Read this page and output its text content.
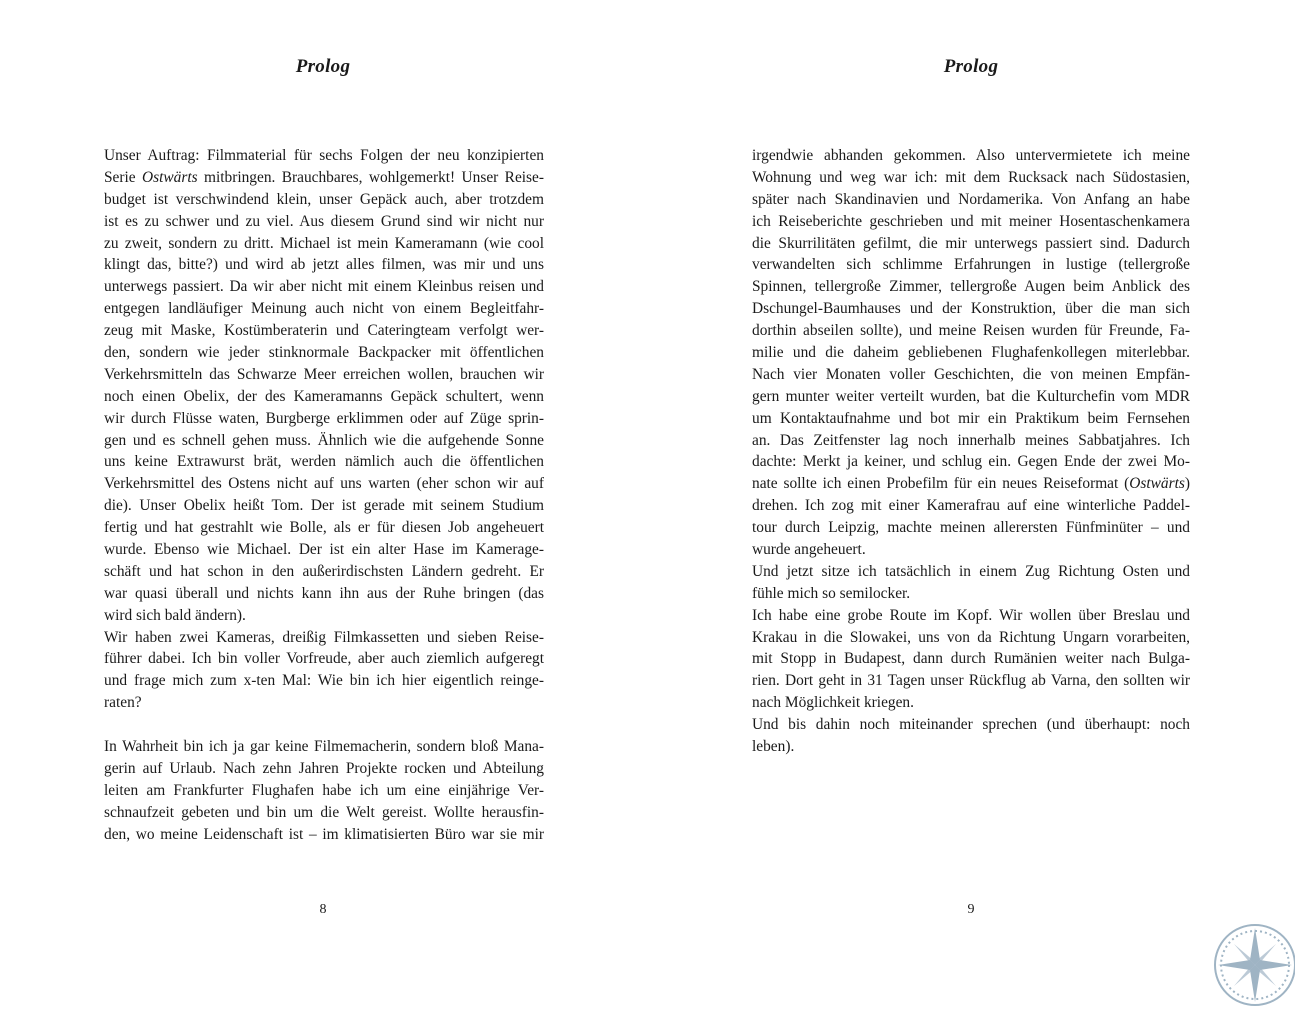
Prolog
Unser Auftrag: Filmmaterial für sechs Folgen der neu konzipierten
Serie Ostwärts mitbringen. Brauchbares, wohlgemerkt! Unser Reise-
budget ist verschwindend klein, unser Gepäck auch, aber trotzdem
ist es zu schwer und zu viel. Aus diesem Grund sind wir nicht nur
zu zweit, sondern zu dritt. Michael ist mein Kameramann (wie cool
klingt das, bitte?) und wird ab jetzt alles filmen, was mir und uns
unterwegs passiert. Da wir aber nicht mit einem Kleinbus reisen und
entgegen landläufiger Meinung auch nicht von einem Begleitfahr-
zeug mit Maske, Kostümberaterin und Cateringteam verfolgt wer-
den, sondern wie jeder stinknormale Backpacker mit öffentlichen
Verkehrsmitteln das Schwarze Meer erreichen wollen, brauchen wir
noch einen Obelix, der des Kameramanns Gepäck schultert, wenn
wir durch Flüsse waten, Burgberge erklimmen oder auf Züge sprin-
gen und es schnell gehen muss. Ähnlich wie die aufgehende Sonne
uns keine Extrawurst brät, werden nämlich auch die öffentlichen
Verkehrsmittel des Ostens nicht auf uns warten (eher schon wir auf
die). Unser Obelix heißt Tom. Der ist gerade mit seinem Studium
fertig und hat gestrahlt wie Bolle, als er für diesen Job angeheuert
wurde. Ebenso wie Michael. Der ist ein alter Hase im Kamerage-
schäft und hat schon in den außerirdischsten Ländern gedreht. Er
war quasi überall und nichts kann ihn aus der Ruhe bringen (das
wird sich bald ändern).
Wir haben zwei Kameras, dreißig Filmkassetten und sieben Reise-
führer dabei. Ich bin voller Vorfreude, aber auch ziemlich aufgeregt
und frage mich zum x-ten Mal: Wie bin ich hier eigentlich reinge-
raten?
In Wahrheit bin ich ja gar keine Filmemacherin, sondern bloß Mana-
gerin auf Urlaub. Nach zehn Jahren Projekte rocken und Abteilung
leiten am Frankfurter Flughafen habe ich um eine einjährige Ver-
schnaufzeit gebeten und bin um die Welt gereist. Wollte herausfin-
den, wo meine Leidenschaft ist – im klimatisierten Büro war sie mir
8
Prolog
irgendwie abhanden gekommen. Also untervermietete ich meine
Wohnung und weg war ich: mit dem Rucksack nach Südostasien,
später nach Skandinavien und Nordamerika. Von Anfang an habe
ich Reiseberichte geschrieben und mit meiner Hosentaschenkamera
die Skurrilitäten gefilmt, die mir unterwegs passiert sind. Dadurch
verwandelten sich schlimme Erfahrungen in lustige (tellergroße
Spinnen, tellergroße Zimmer, tellergroße Augen beim Anblick des
Dschungel-Baumhauses und der Konstruktion, über die man sich
dorthin abseilen sollte), und meine Reisen wurden für Freunde, Fa-
milie und die daheim gebliebenen Flughafenkollegen miterlebbar.
Nach vier Monaten voller Geschichten, die von meinen Empfän-
gern munter weiter verteilt wurden, bat die Kulturchefin vom MDR
um Kontaktaufnahme und bot mir ein Praktikum beim Fernsehen
an. Das Zeitfenster lag noch innerhalb meines Sabbatjahres. Ich
dachte: Merkt ja keiner, und schlug ein. Gegen Ende der zwei Mo-
nate sollte ich einen Probefilm für ein neues Reiseformat (Ostwärts)
drehen. Ich zog mit einer Kamerafrau auf eine winterliche Paddel-
tour durch Leipzig, machte meinen allerersten Fünfminüter – und
wurde angeheuert.
Und jetzt sitze ich tatsächlich in einem Zug Richtung Osten und
fühle mich so semilocker.
Ich habe eine grobe Route im Kopf. Wir wollen über Breslau und
Krakau in die Slowakei, uns von da Richtung Ungarn vorarbeiten,
mit Stopp in Budapest, dann durch Rumänien weiter nach Bulga-
rien. Dort geht in 31 Tagen unser Rückflug ab Varna, den sollten wir
nach Möglichkeit kriegen.
Und bis dahin noch miteinander sprechen (und überhaupt: noch
leben).
9
